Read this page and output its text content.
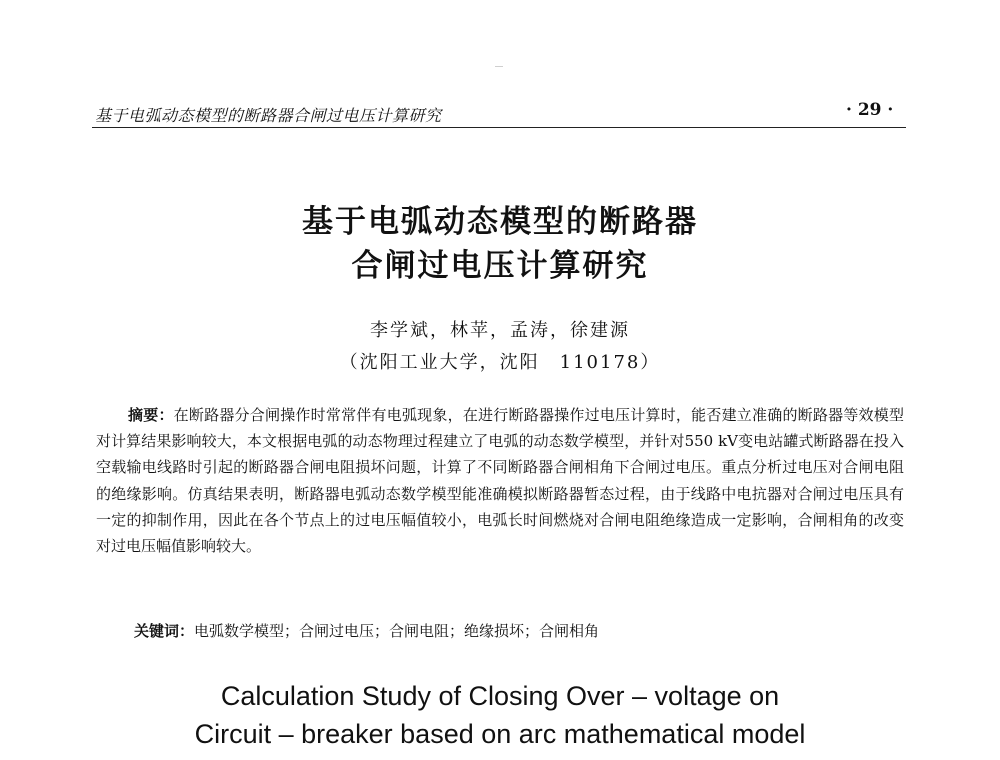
基于电弧动态模型的断路器合闸过电压计算研究	· 29 ·
基于电弧动态模型的断路器
合闸过电压计算研究
李学斌，林苹，孟涛，徐建源
（沈阳工业大学，沈阳　110178）

摘要：在断路器分合闸操作时常常伴有电弧现象，在进行断路器操作过电压计算时，能否建立准确的断路器等效模型对计算结果影响较大，本文根据电弧的动态物理过程建立了电弧的动态数学模型，并针对550 kV变电站罐式断路器在投入空载输电线路时引起的断路器合闸电阻损坏问题，计算了不同断路器合闸相角下合闸过电压。重点分析过电压对合闸电阻的绝缘影响。仿真结果表明，断路器电弧动态数学模型能准确模拟断路器暂态过程，由于线路中电抗器对合闸过电压具有一定的抑制作用，因此在各个节点上的过电压幅值较小，电弧长时间燃烧对合闸电阻绝缘造成一定影响，合闸相角的改变对过电压幅值影响较大。

关键词：电弧数学模型；合闸过电压；合闸电阻；绝缘损坏；合闸相角

Calculation Study of Closing Over – voltage on
Circuit – breaker based on arc mathematical model
